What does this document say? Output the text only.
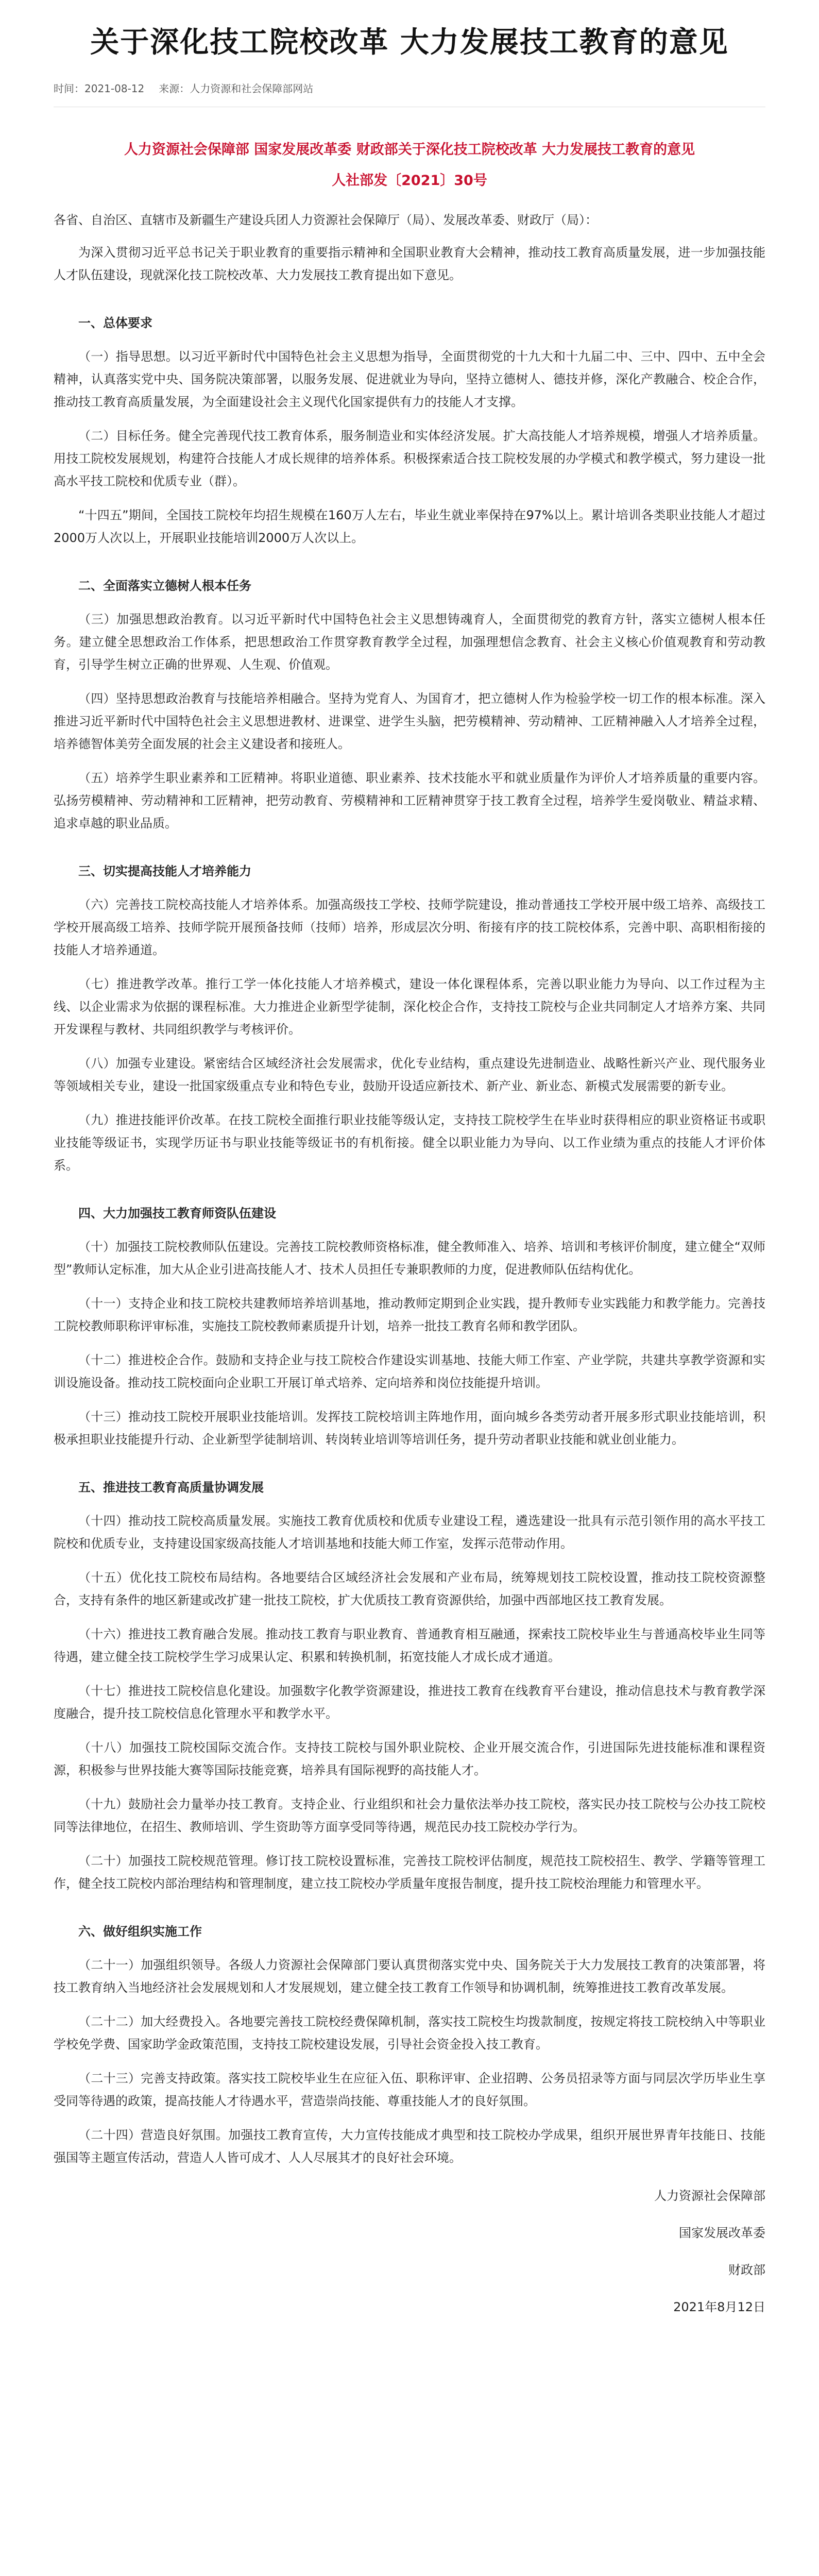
关于深化技工院校改革 大力发展技工教育的意见
时间：2021-08-12 来源：人力资源和社会保障部网站
人力资源社会保障部 国家发展改革委 财政部关于深化技工院校改革 大力发展技工教育的意见
人社部发〔2021〕30号
各省、自治区、直辖市及新疆生产建设兵团人力资源社会保障厅（局）、发展改革委、财政厅（局）：

为深入贯彻习近平总书记关于职业教育的重要指示精神和全国职业教育大会精神，推动技工教育高质量发展，进一步加强技能人才队伍建设，现就深化技工院校改革、大力发展技工教育提出如下意见。

一、总体要求

（一）指导思想。以习近平新时代中国特色社会主义思想为指导，全面贯彻党的十九大和十九届二中、三中、四中、五中全会精神，认真落实党中央、国务院决策部署，以服务发展、促进就业为导向，坚持立德树人、德技并修，深化产教融合、校企合作，推动技工教育高质量发展，为全面建设社会主义现代化国家提供有力的技能人才支撑。

（二）目标任务。健全完善现代技工教育体系，服务制造业和实体经济发展。扩大高技能人才培养规模，增强人才培养质量。用技工院校发展规划，构建符合技能人才成长规律的培养体系。积极探索适合技工院校发展的办学模式和教学模式，努力建设一批高水平技工院校和优质专业（群）。

“十四五”期间，全国技工院校年均招生规模在160万人左右，毕业生就业率保持在97%以上。累计培训各类职业技能人才超过2000万人次以上，开展职业技能培训2000万人次以上。

二、全面落实立德树人根本任务

（三）加强思想政治教育。以习近平新时代中国特色社会主义思想铸魂育人，全面贯彻党的教育方针，落实立德树人根本任务。建立健全思想政治工作体系，把思想政治工作贯穿教育教学全过程，加强理想信念教育、社会主义核心价值观教育和劳动教育，引导学生树立正确的世界观、人生观、价值观。

（四）坚持思想政治教育与技能培养相融合。坚持为党育人、为国育才，把立德树人作为检验学校一切工作的根本标准。深入推进习近平新时代中国特色社会主义思想进教材、进课堂、进学生头脑，把劳模精神、劳动精神、工匠精神融入人才培养全过程，培养德智体美劳全面发展的社会主义建设者和接班人。

（五）培养学生职业素养和工匠精神。将职业道德、职业素养、技术技能水平和就业质量作为评价人才培养质量的重要内容。弘扬劳模精神、劳动精神和工匠精神，把劳动教育、劳模精神和工匠精神贯穿于技工教育全过程，培养学生爱岗敬业、精益求精、追求卓越的职业品质。

三、切实提高技能人才培养能力

（六）完善技工院校高技能人才培养体系。加强高级技工学校、技师学院建设，推动普通技工学校开展中级工培养、高级技工学校开展高级工培养、技师学院开展预备技师（技师）培养，形成层次分明、衔接有序的技工院校体系，完善中职、高职相衔接的技能人才培养通道。

（七）推进教学改革。推行工学一体化技能人才培养模式，建设一体化课程体系，完善以职业能力为导向、以工作过程为主线、以企业需求为依据的课程标准。大力推进企业新型学徒制，深化校企合作，支持技工院校与企业共同制定人才培养方案、共同开发课程与教材、共同组织教学与考核评价。

（八）加强专业建设。紧密结合区域经济社会发展需求，优化专业结构，重点建设先进制造业、战略性新兴产业、现代服务业等领域相关专业，建设一批国家级重点专业和特色专业，鼓励开设适应新技术、新产业、新业态、新模式发展需要的新专业。

（九）推进技能评价改革。在技工院校全面推行职业技能等级认定，支持技工院校学生在毕业时获得相应的职业资格证书或职业技能等级证书，实现学历证书与职业技能等级证书的有机衔接。健全以职业能力为导向、以工作业绩为重点的技能人才评价体系。

四、大力加强技工教育师资队伍建设

（十）加强技工院校教师队伍建设。完善技工院校教师资格标准，健全教师准入、培养、培训和考核评价制度，建立健全“双师型”教师认定标准，加大从企业引进高技能人才、技术人员担任专兼职教师的力度，促进教师队伍结构优化。

（十一）支持企业和技工院校共建教师培养培训基地，推动教师定期到企业实践，提升教师专业实践能力和教学能力。完善技工院校教师职称评审标准，实施技工院校教师素质提升计划，培养一批技工教育名师和教学团队。

（十二）推进校企合作。鼓励和支持企业与技工院校合作建设实训基地、技能大师工作室、产业学院，共建共享教学资源和实训设施设备。推动技工院校面向企业职工开展订单式培养、定向培养和岗位技能提升培训。

（十三）推动技工院校开展职业技能培训。发挥技工院校培训主阵地作用，面向城乡各类劳动者开展多形式职业技能培训，积极承担职业技能提升行动、企业新型学徒制培训、转岗转业培训等培训任务，提升劳动者职业技能和就业创业能力。

五、推进技工教育高质量协调发展

（十四）推动技工院校高质量发展。实施技工教育优质校和优质专业建设工程，遴选建设一批具有示范引领作用的高水平技工院校和优质专业，支持建设国家级高技能人才培训基地和技能大师工作室，发挥示范带动作用。

（十五）优化技工院校布局结构。各地要结合区域经济社会发展和产业布局，统筹规划技工院校设置，推动技工院校资源整合，支持有条件的地区新建或改扩建一批技工院校，扩大优质技工教育资源供给，加强中西部地区技工教育发展。

（十六）推进技工教育融合发展。推动技工教育与职业教育、普通教育相互融通，探索技工院校毕业生与普通高校毕业生同等待遇，建立健全技工院校学生学习成果认定、积累和转换机制，拓宽技能人才成长成才通道。

（十七）推进技工院校信息化建设。加强数字化教学资源建设，推进技工教育在线教育平台建设，推动信息技术与教育教学深度融合，提升技工院校信息化管理水平和教学水平。

（十八）加强技工院校国际交流合作。支持技工院校与国外职业院校、企业开展交流合作，引进国际先进技能标准和课程资源，积极参与世界技能大赛等国际技能竞赛，培养具有国际视野的高技能人才。

（十九）鼓励社会力量举办技工教育。支持企业、行业组织和社会力量依法举办技工院校，落实民办技工院校与公办技工院校同等法律地位，在招生、教师培训、学生资助等方面享受同等待遇，规范民办技工院校办学行为。

（二十）加强技工院校规范管理。修订技工院校设置标准，完善技工院校评估制度，规范技工院校招生、教学、学籍等管理工作，健全技工院校内部治理结构和管理制度，建立技工院校办学质量年度报告制度，提升技工院校治理能力和管理水平。

六、做好组织实施工作

（二十一）加强组织领导。各级人力资源社会保障部门要认真贯彻落实党中央、国务院关于大力发展技工教育的决策部署，将技工教育纳入当地经济社会发展规划和人才发展规划，建立健全技工教育工作领导和协调机制，统筹推进技工教育改革发展。

（二十二）加大经费投入。各地要完善技工院校经费保障机制，落实技工院校生均拨款制度，按规定将技工院校纳入中等职业学校免学费、国家助学金政策范围，支持技工院校建设发展，引导社会资金投入技工教育。

（二十三）完善支持政策。落实技工院校毕业生在应征入伍、职称评审、企业招聘、公务员招录等方面与同层次学历毕业生享受同等待遇的政策，提高技能人才待遇水平，营造崇尚技能、尊重技能人才的良好氛围。

（二十四）营造良好氛围。加强技工教育宣传，大力宣传技能成才典型和技工院校办学成果，组织开展世界青年技能日、技能强国等主题宣传活动，营造人人皆可成才、人人尽展其才的良好社会环境。

人力资源社会保障部
国家发展改革委
财政部
2021年8月12日
